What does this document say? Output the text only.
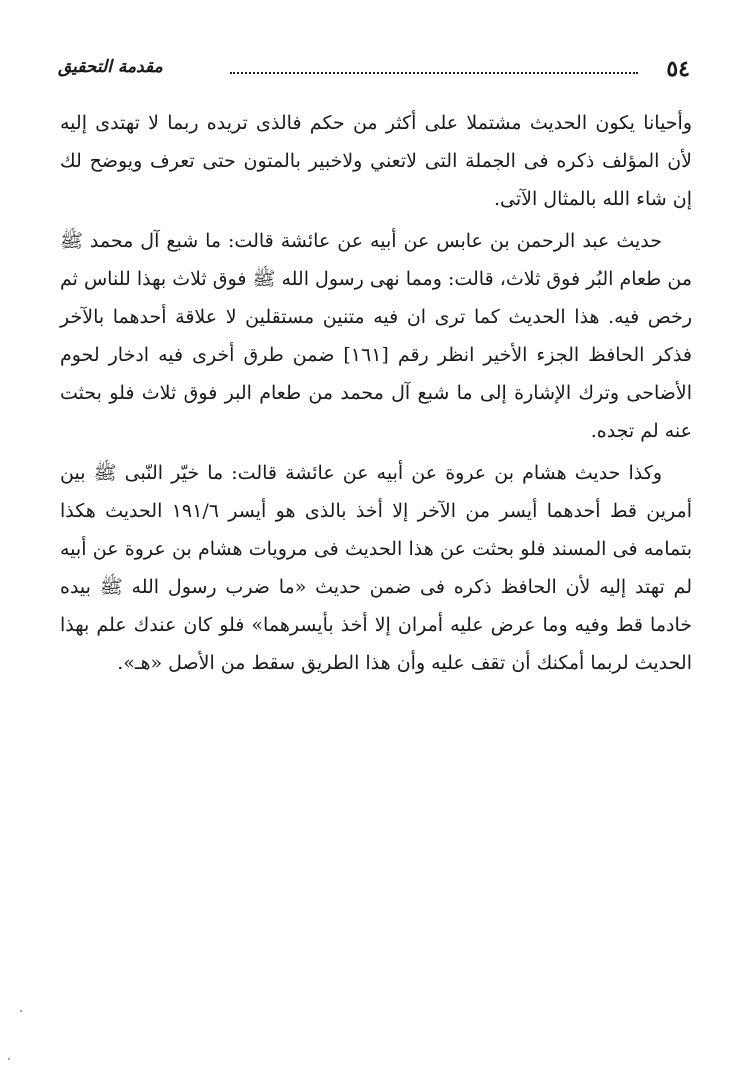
٥٤
مقدمة التحقيق

وأحيانا يكون الحديث مشتملا على أكثر من حكم فالذى تريده ربما لا تهتدى إليه لأن المؤلف ذكره فى الجملة التى لاتعني ولاخبير بالمتون حتى تعرف ويوضح لك إن شاء الله بالمثال الآتى.

حديث عبد الرحمن بن عابس عن أبيه عن عائشة قالت: ما شبع آل محمد ﷺ من طعام البُر فوق ثلاث، قالت: ومما نهى رسول الله ﷺ فوق ثلاث بهذا للناس ثم رخص فيه. هذا الحديث كما ترى ان فيه متنين مستقلين لا علاقة أحدهما بالآخر فذكر الحافظ الجزء الأخير انظر رقم [١٦١] ضمن طرق أخرى فيه ادخار لحوم الأضاحى وترك الإشارة إلى ما شبع آل محمد من طعام البر فوق ثلاث فلو بحثت عنه لم تجده.

وكذا حديث هشام بن عروة عن أبيه عن عائشة قالت: ما خيّر النّبى ﷺ بين أمرين قط أحدهما أيسر من الآخر إلا أخذ بالذى هو أيسر ١٩١/٦ الحديث هكذا بتمامه فى المسند فلو بحثت عن هذا الحديث فى مرويات هشام بن عروة عن أبيه لم تهتد إليه لأن الحافظ ذكره فى ضمن حديث «ما ضرب رسول الله ﷺ بيده خادما قط وفيه وما عرض عليه أمران إلا أخذ بأيسرهما» فلو كان عندك علم بهذا الحديث لربما أمكنك أن تقف عليه وأن هذا الطريق سقط من الأصل «هـ».
